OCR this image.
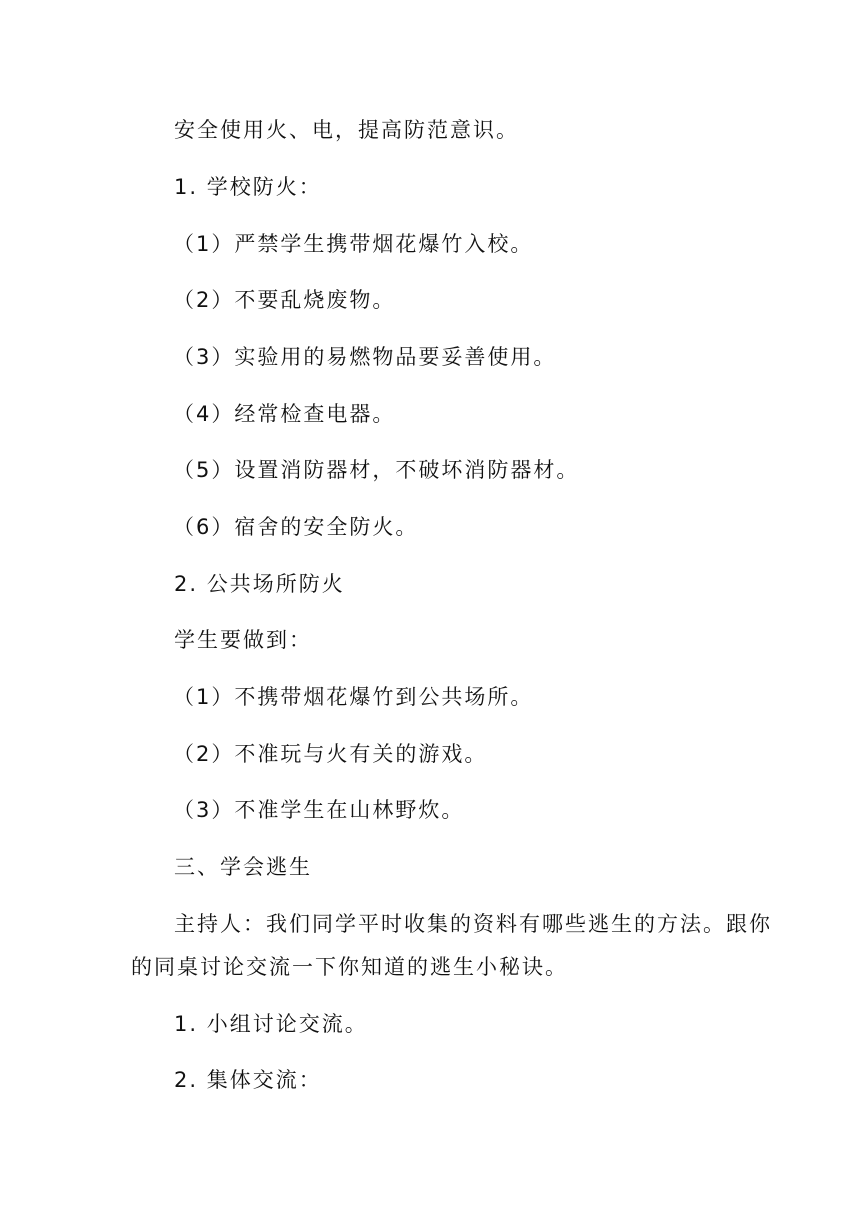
安全使用火、电，提高防范意识。
1. 学校防火：
（1）严禁学生携带烟花爆竹入校。
（2）不要乱烧废物。
（3）实验用的易燃物品要妥善使用。
（4）经常检查电器。
（5）设置消防器材，不破坏消防器材。
（6）宿舍的安全防火。
2. 公共场所防火
学生要做到：
（1）不携带烟花爆竹到公共场所。
（2）不准玩与火有关的游戏。
（3）不准学生在山林野炊。
三、学会逃生
主持人：我们同学平时收集的资料有哪些逃生的方法。跟你
的同桌讨论交流一下你知道的逃生小秘诀。
1. 小组讨论交流。
2. 集体交流：
